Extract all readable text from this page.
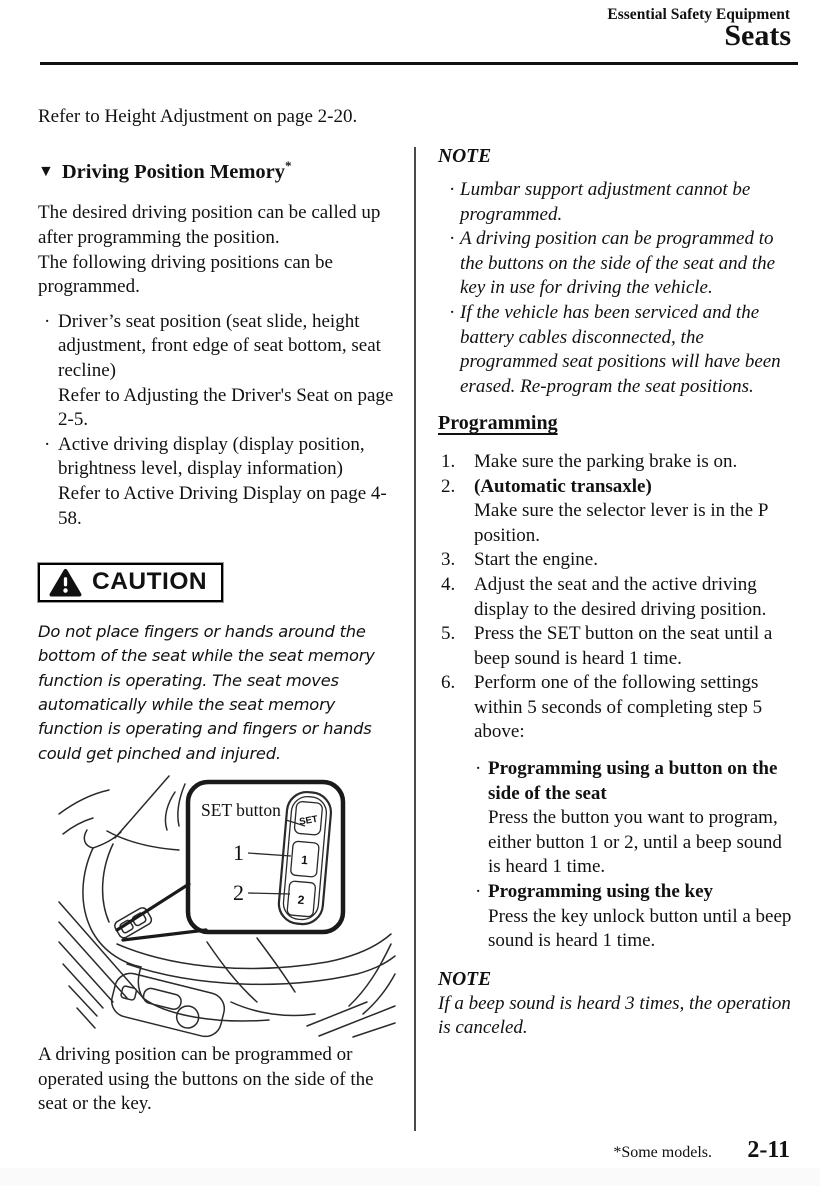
Essential Safety Equipment
Seats

Refer to Height Adjustment on page 2-20.

▼ Driving Position Memory*

The desired driving position can be called up after programming the position.

The following driving positions can be programmed.

· Driver’s seat position (seat slide, height adjustment, front edge of seat bottom, seat recline)
Refer to Adjusting the Driver's Seat on page 2-5.
· Active driving display (display position, brightness level, display information)
Refer to Active Driving Display on page 4-58.
CAUTION

Do not place fingers or hands around the bottom of the seat while the seat memory function is operating. The seat moves automatically while the seat memory function is operating and fingers or hands could get pinched and injured.

SET
1
2
SET button
1
2

A driving position can be programmed or operated using the buttons on the side of the seat or the key.

NOTE

· Lumbar support adjustment cannot be programmed.
· A driving position can be programmed to the buttons on the side of the seat and the key in use for driving the vehicle.
· If the vehicle has been serviced and the battery cables disconnected, the programmed seat positions will have been erased. Re-program the seat positions.
Programming
1. Make sure the parking brake is on.
2. (Automatic transaxle)
Make sure the selector lever is in the P position.
3. Start the engine.
4. Adjust the seat and the active driving display to the desired driving position.
5. Press the SET button on the seat until a beep sound is heard 1 time.
6. Perform one of the following settings within 5 seconds of completing step 5 above:
· Programming using a button on the side of the seat
Press the button you want to program, either button 1 or 2, until a beep sound is heard 1 time.
· Programming using the key
Press the key unlock button until a beep sound is heard 1 time.

NOTE

If a beep sound is heard 3 times, the operation is canceled.

*Some models. 2-11
